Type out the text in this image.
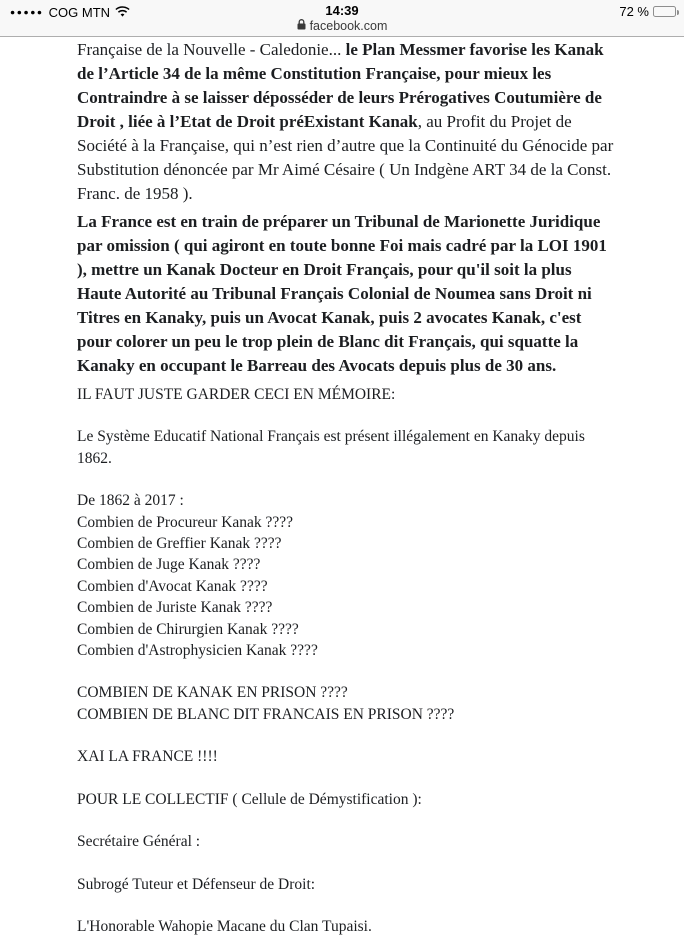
●●●●● COG MTN	14:39
facebook.com
72 %

Française de la Nouvelle - Caledonie... le Plan Messmer favorise les Kanak de l’Article 34 de la même Constitution Française, pour mieux les Contraindre à se laisser déposséder de leurs Prérogatives Coutumière de Droit , liée à l’Etat de Droit préExistant Kanak, au Profit du Projet de Société à la Française, qui n’est rien d’autre que la Continuité du Génocide par Substitution dénoncée par Mr Aimé Césaire ( Un Indgène ART 34 de la Const. Franc. de 1958 ).

La France est en train de préparer un Tribunal de Marionette Juridique par omission ( qui agiront en toute bonne Foi mais cadré par la LOI 1901 ), mettre un Kanak Docteur en Droit Français, pour qu'il soit la plus Haute Autorité au Tribunal Français Colonial de Noumea sans Droit ni Titres en Kanaky, puis un Avocat Kanak, puis 2 avocates Kanak, c'est pour colorer un peu le trop plein de Blanc dit Français, qui squatte la Kanaky en occupant le Barreau des Avocats depuis plus de 30 ans.

IL FAUT JUSTE GARDER CECI EN MÉMOIRE:
Le Système Educatif National Français est présent illégalement en Kanaky depuis 1862.
De 1862 à 2017 :
Combien de Procureur Kanak ????
Combien de Greffier Kanak ????
Combien de Juge Kanak ????
Combien d'Avocat Kanak ????
Combien de Juriste Kanak ????
Combien de Chirurgien Kanak ????
Combien d'Astrophysicien Kanak ????
COMBIEN DE KANAK EN PRISON ????
COMBIEN DE BLANC DIT FRANCAIS EN PRISON ????
XAI LA FRANCE !!!!
POUR LE COLLECTIF ( Cellule de Démystification ):
Secrétaire Général :
Subrogé Tuteur et Défenseur de Droit:
L'Honorable Wahopie Macane du Clan Tupaisi.
